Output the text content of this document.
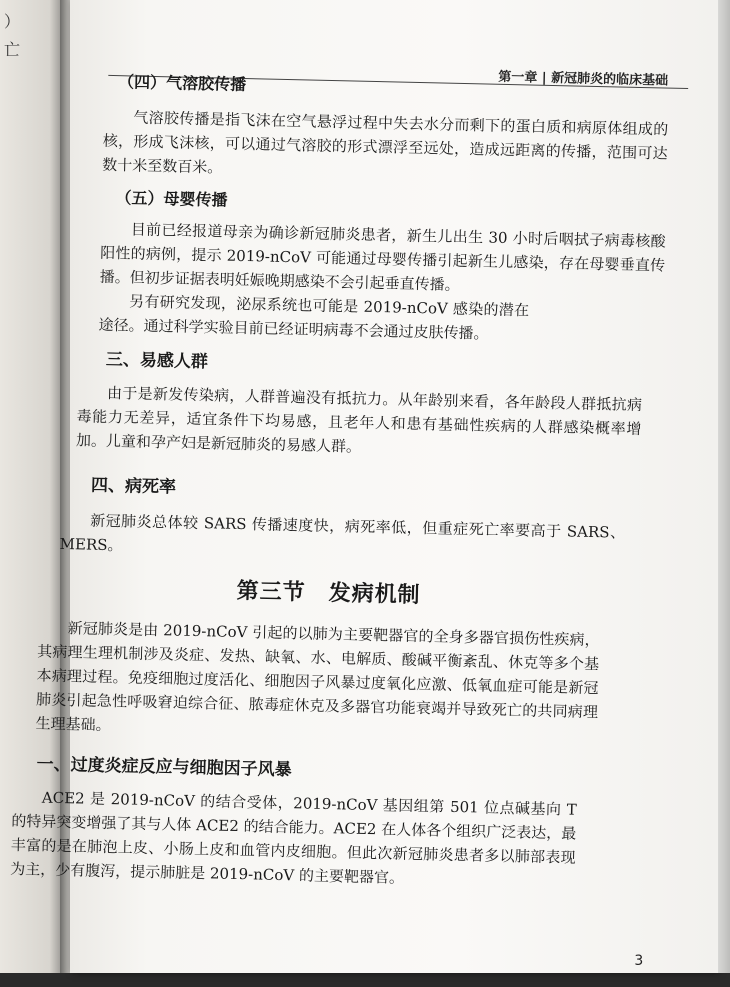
）
亡
第一章 | 新冠肺炎的临床基础
（四）气溶胶传播

气溶胶传播是指飞沫在空气悬浮过程中失去水分而剩下的蛋白质和病原体组成的核，形成飞沫核，可以通过气溶胶的形式漂浮至远处，造成远距离的传播，范围可达数十米至数百米。

（五）母婴传播

目前已经报道母亲为确诊新冠肺炎患者，新生儿出生 30 小时后咽拭子病毒核酸阳性的病例，提示 2019-nCoV 可能通过母婴传播引起新生儿感染，存在母婴垂直传播。但初步证据表明妊娠晚期感染不会引起垂直传播。

另有研究发现，泌尿系统也可能是 2019-nCoV 感染的潜在途径。通过科学实验目前已经证明病毒不会通过皮肤传播。

三、易感人群

由于是新发传染病，人群普遍没有抵抗力。从年龄别来看，各年龄段人群抵抗病毒能力无差异，适宜条件下均易感，且老年人和患有基础性疾病的人群感染概率增加。儿童和孕产妇是新冠肺炎的易感人群。

四、病死率

新冠肺炎总体较 SARS 传播速度快，病死率低，但重症死亡率要高于 SARS、MERS。

第三节　发病机制

新冠肺炎是由 2019-nCoV 引起的以肺为主要靶器官的全身多器官损伤性疾病，其病理生理机制涉及炎症、发热、缺氧、水、电解质、酸碱平衡紊乱、休克等多个基本病理过程。免疫细胞过度活化、细胞因子风暴过度氧化应激、低氧血症可能是新冠肺炎引起急性呼吸窘迫综合征、脓毒症休克及多器官功能衰竭并导致死亡的共同病理生理基础。

一、过度炎症反应与细胞因子风暴

ACE2 是 2019-nCoV 的结合受体，2019-nCoV 基因组第 501 位点碱基向 T 的特异突变增强了其与人体 ACE2 的结合能力。ACE2 在人体各个组织广泛表达，最丰富的是在肺泡上皮、小肠上皮和血管内皮细胞。但此次新冠肺炎患者多以肺部表现为主，少有腹泻，提示肺脏是 2019-nCoV 的主要靶器官。

3
